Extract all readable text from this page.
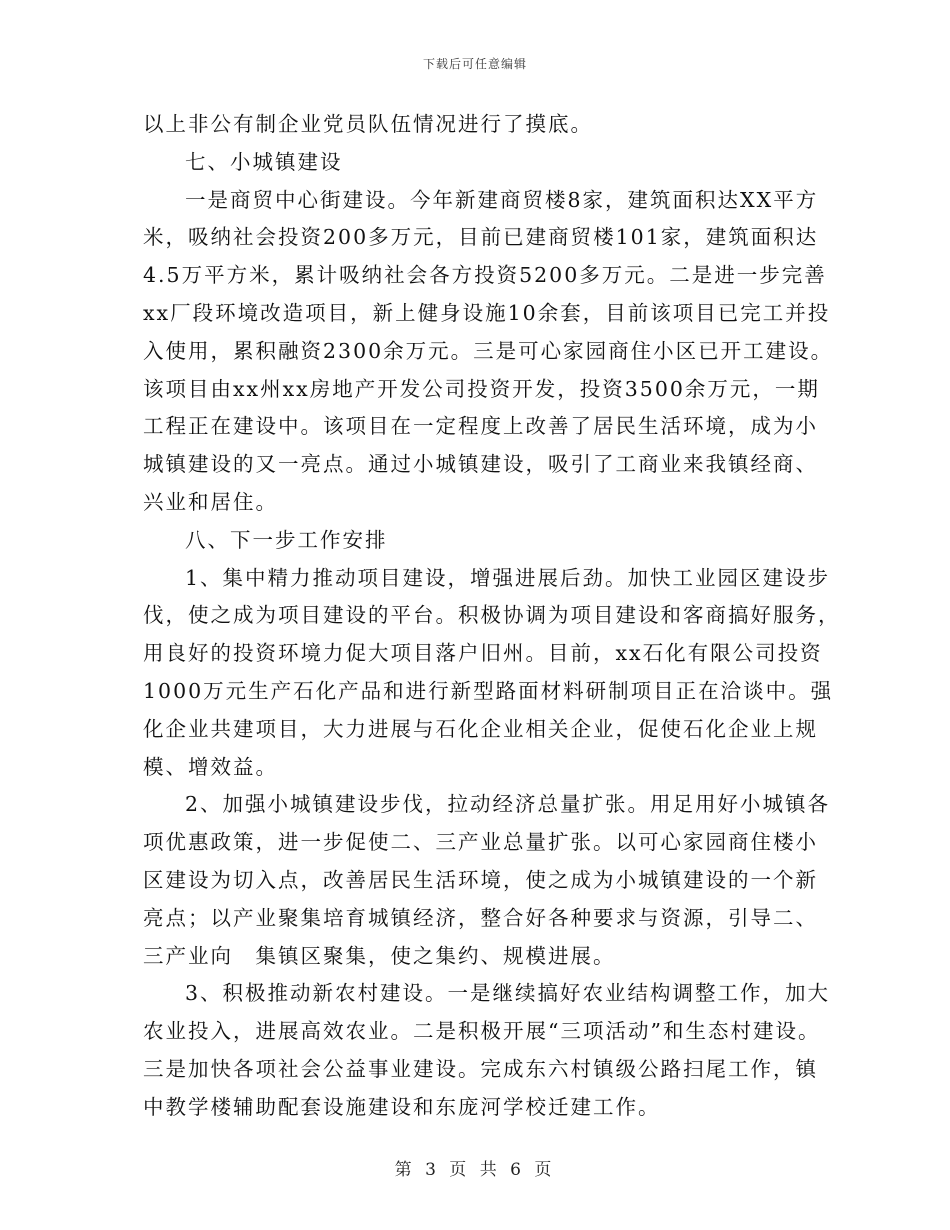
下载后可任意编辑
以上非公有制企业党员队伍情况进行了摸底。
七、小城镇建设
一是商贸中心街建设。今年新建商贸楼8家，建筑面积达XX平方
米，吸纳社会投资200多万元，目前已建商贸楼101家，建筑面积达
4.5万平方米，累计吸纳社会各方投资5200多万元。二是进一步完善
xx厂段环境改造项目，新上健身设施10余套，目前该项目已完工并投
入使用，累积融资2300余万元。三是可心家园商住小区已开工建设。
该项目由xx州xx房地产开发公司投资开发，投资3500余万元，一期
工程正在建设中。该项目在一定程度上改善了居民生活环境，成为小
城镇建设的又一亮点。通过小城镇建设，吸引了工商业来我镇经商、
兴业和居住。
八、下一步工作安排
1、集中精力推动项目建设，增强进展后劲。加快工业园区建设步
伐，使之成为项目建设的平台。积极协调为项目建设和客商搞好服务，
用良好的投资环境力促大项目落户旧州。目前，xx石化有限公司投资
1000万元生产石化产品和进行新型路面材料研制项目正在洽谈中。强
化企业共建项目，大力进展与石化企业相关企业，促使石化企业上规
模、增效益。
2、加强小城镇建设步伐，拉动经济总量扩张。用足用好小城镇各
项优惠政策，进一步促使二、三产业总量扩张。以可心家园商住楼小
区建设为切入点，改善居民生活环境，使之成为小城镇建设的一个新
亮点；以产业聚集培育城镇经济，整合好各种要求与资源，引导二、
三产业向　集镇区聚集，使之集约、规模进展。
3、积极推动新农村建设。一是继续搞好农业结构调整工作，加大
农业投入，进展高效农业。二是积极开展“三项活动”和生态村建设。
三是加快各项社会公益事业建设。完成东六村镇级公路扫尾工作，镇
中教学楼辅助配套设施建设和东庞河学校迁建工作。
第 3 页 共 6 页
